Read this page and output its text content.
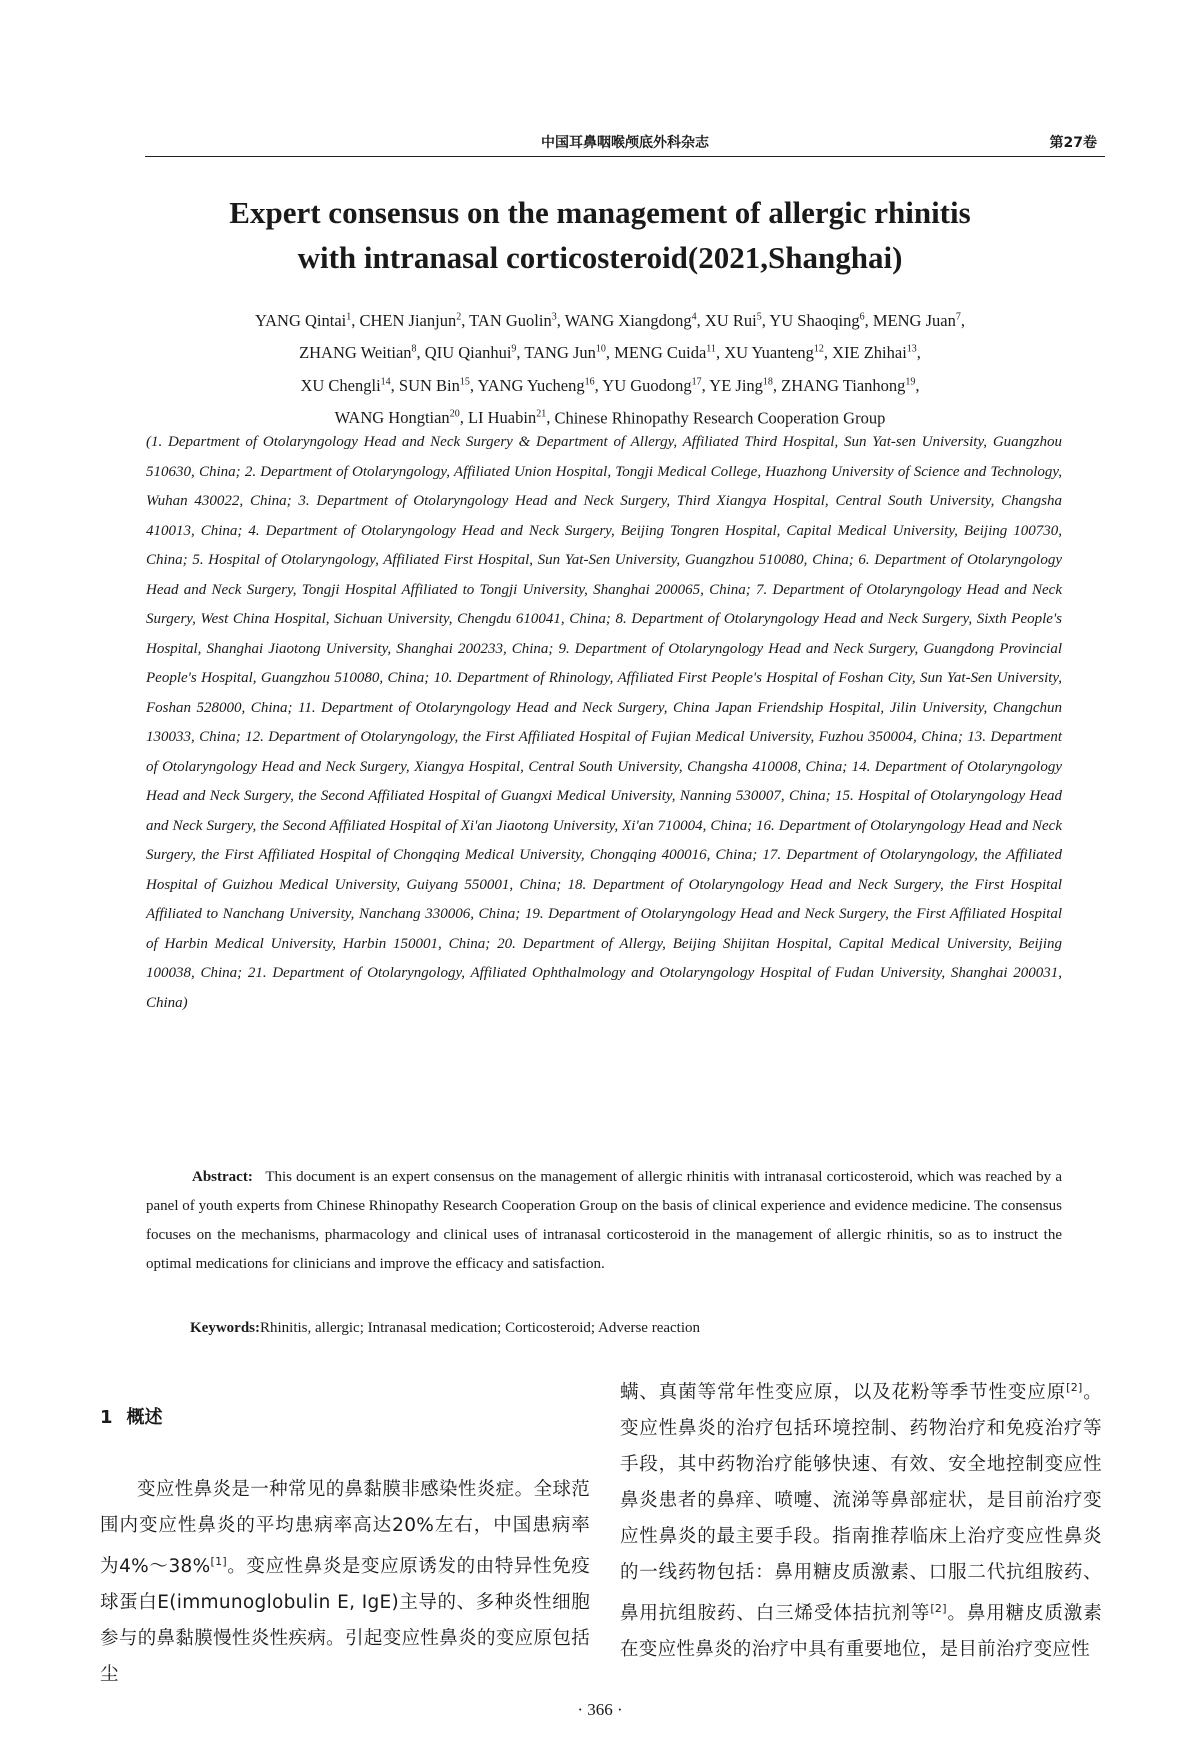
中国耳鼻咽喉颅底外科杂志	第27卷
Expert consensus on the management of allergic rhinitis
with intranasal corticosteroid(2021,Shanghai)
YANG Qintai$^1$, CHEN Jianjun$^2$, TAN Guolin$^3$, WANG Xiangdong$^4$, XU Rui$^5$, YU Shaoqing$^6$, MENG Juan$^7$,
ZHANG Weitian$^8$, QIU Qianhui$^9$, TANG Jun$^{10}$, MENG Cuida$^{11}$, XU Yuanteng$^{12}$, XIE Zhihai$^{13}$,
XU Chengli$^{14}$, SUN Bin$^{15}$, YANG Yucheng$^{16}$, YU Guodong$^{17}$, YE Jing$^{18}$, ZHANG Tianhong$^{19}$,
WANG Hongtian$^{20}$, LI Huabin$^{21}$, Chinese Rhinopathy Research Cooperation Group
(1. Department of Otolaryngology Head and Neck Surgery & Department of Allergy, Affiliated Third Hospital, Sun Yat-sen University, Guangzhou 510630, China; 2. Department of Otolaryngology, Affiliated Union Hospital, Tongji Medical College, Huazhong University of Science and Technology, Wuhan 430022, China; 3. Department of Otolaryngology Head and Neck Surgery, Third Xiangya Hospital, Central South University, Changsha 410013, China; 4. Department of Otolaryngology Head and Neck Surgery, Beijing Tongren Hospital, Capital Medical University, Beijing 100730, China; 5. Hospital of Otolaryngology, Affiliated First Hospital, Sun Yat-Sen University, Guangzhou 510080, China; 6. Department of Otolaryngology Head and Neck Surgery, Tongji Hospital Affiliated to Tongji University, Shanghai 200065, China; 7. Department of Otolaryngology Head and Neck Surgery, West China Hospital, Sichuan University, Chengdu 610041, China; 8. Department of Otolaryngology Head and Neck Surgery, Sixth People's Hospital, Shanghai Jiaotong University, Shanghai 200233, China; 9. Department of Otolaryngology Head and Neck Surgery, Guangdong Provincial People's Hospital, Guangzhou 510080, China; 10. Department of Rhinology, Affiliated First People's Hospital of Foshan City, Sun Yat-Sen University, Foshan 528000, China; 11. Department of Otolaryngology Head and Neck Surgery, China Japan Friendship Hospital, Jilin University, Changchun 130033, China; 12. Department of Otolaryngology, the First Affiliated Hospital of Fujian Medical University, Fuzhou 350004, China; 13. Department of Otolaryngology Head and Neck Surgery, Xiangya Hospital, Central South University, Changsha 410008, China; 14. Department of Otolaryngology Head and Neck Surgery, the Second Affiliated Hospital of Guangxi Medical University, Nanning 530007, China; 15. Hospital of Otolaryngology Head and Neck Surgery, the Second Affiliated Hospital of Xi'an Jiaotong University, Xi'an 710004, China; 16. Department of Otolaryngology Head and Neck Surgery, the First Affiliated Hospital of Chongqing Medical University, Chongqing 400016, China; 17. Department of Otolaryngology, the Affiliated Hospital of Guizhou Medical University, Guiyang 550001, China; 18. Department of Otolaryngology Head and Neck Surgery, the First Hospital Affiliated to Nanchang University, Nanchang 330006, China; 19. Department of Otolaryngology Head and Neck Surgery, the First Affiliated Hospital of Harbin Medical University, Harbin 150001, China; 20. Department of Allergy, Beijing Shijitan Hospital, Capital Medical University, Beijing 100038, China; 21. Department of Otolaryngology, Affiliated Ophthalmology and Otolaryngology Hospital of Fudan University, Shanghai 200031, China)
Abstract: This document is an expert consensus on the management of allergic rhinitis with intranasal corticosteroid, which was reached by a panel of youth experts from Chinese Rhinopathy Research Cooperation Group on the basis of clinical experience and evidence medicine. The consensus focuses on the mechanisms, pharmacology and clinical uses of intranasal corticosteroid in the management of allergic rhinitis, so as to instruct the optimal medications for clinicians and improve the efficacy and satisfaction.
Keywords:Rhinitis, allergic; Intranasal medication; Corticosteroid; Adverse reaction
1 概述
变应性鼻炎是一种常见的鼻黏膜非感染性炎症。全球范围内变应性鼻炎的平均患病率高达20%左右，中国患病率为4%～38%[1]。变应性鼻炎是变应原诱发的由特异性免疫球蛋白E(immunoglobulin E, IgE)主导的、多种炎性细胞参与的鼻黏膜慢性炎性疾病。引起变应性鼻炎的变应原包括尘
螨、真菌等常年性变应原，以及花粉等季节性变应原[2]。变应性鼻炎的治疗包括环境控制、药物治疗和免疫治疗等手段，其中药物治疗能够快速、有效、安全地控制变应性鼻炎患者的鼻痒、喷嚏、流涕等鼻部症状，是目前治疗变应性鼻炎的最主要手段。指南推荐临床上治疗变应性鼻炎的一线药物包括：鼻用糖皮质激素、口服二代抗组胺药、鼻用抗组胺药、白三烯受体拮抗剂等[2]。鼻用糖皮质激素在变应性鼻炎的治疗中具有重要地位，是目前治疗变应性
· 366 ·
